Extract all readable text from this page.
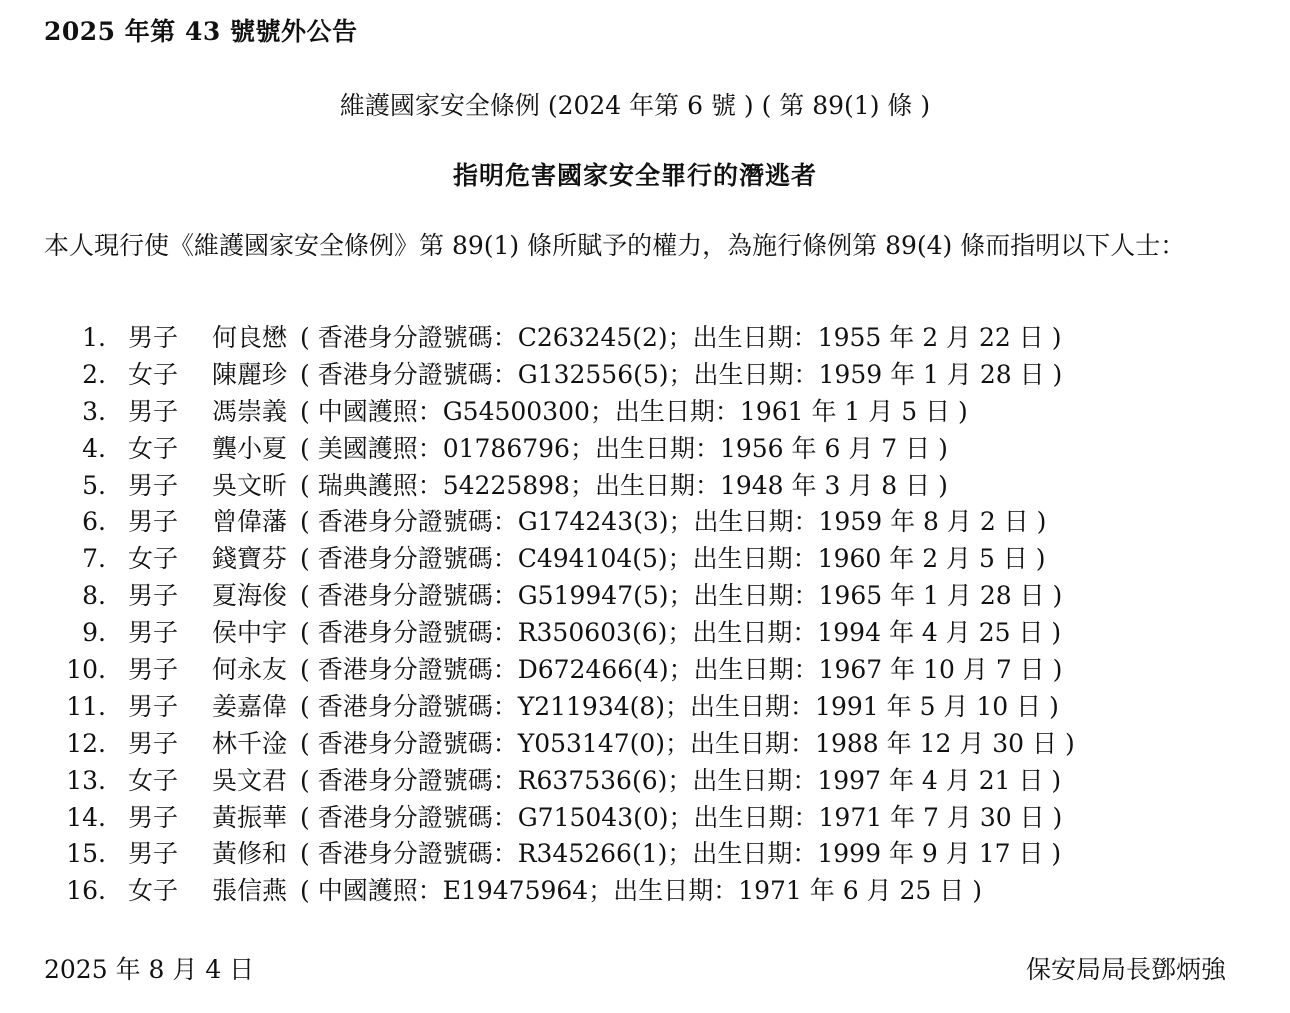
2025 年第 43 號號外公告
維護國家安全條例 (2024 年第 6 號 ) ( 第 89(1) 條 )
指明危害國家安全罪行的潛逃者
本人現行使《維護國家安全條例》第 89(1) 條所賦予的權力，為施行條例第 89(4) 條而指明以下人士：
1. 男子 何良懋 ( 香港身分證號碼：C263245(2)；出生日期：1955 年 2 月 22 日 )
2. 女子 陳麗珍 ( 香港身分證號碼：G132556(5)；出生日期：1959 年 1 月 28 日 )
3. 男子 馮崇義 ( 中國護照：G54500300；出生日期：1961 年 1 月 5 日 )
4. 女子 龔小夏 ( 美國護照：01786796；出生日期：1956 年 6 月 7 日 )
5. 男子 吳文昕 ( 瑞典護照：54225898；出生日期：1948 年 3 月 8 日 )
6. 男子 曾偉藩 ( 香港身分證號碼：G174243(3)；出生日期：1959 年 8 月 2 日 )
7. 女子 錢寶芬 ( 香港身分證號碼：C494104(5)；出生日期：1960 年 2 月 5 日 )
8. 男子 夏海俊 ( 香港身分證號碼：G519947(5)；出生日期：1965 年 1 月 28 日 )
9. 男子 侯中宇 ( 香港身分證號碼：R350603(6)；出生日期：1994 年 4 月 25 日 )
10. 男子 何永友 ( 香港身分證號碼：D672466(4)；出生日期：1967 年 10 月 7 日 )
11. 男子 姜嘉偉 ( 香港身分證號碼：Y211934(8)；出生日期：1991 年 5 月 10 日 )
12. 男子 林千淦 ( 香港身分證號碼：Y053147(0)；出生日期：1988 年 12 月 30 日 )
13. 女子 吳文君 ( 香港身分證號碼：R637536(6)；出生日期：1997 年 4 月 21 日 )
14. 男子 黃振華 ( 香港身分證號碼：G715043(0)；出生日期：1971 年 7 月 30 日 )
15. 男子 黃修和 ( 香港身分證號碼：R345266(1)；出生日期：1999 年 9 月 17 日 )
16. 女子 張信燕 ( 中國護照：E19475964；出生日期：1971 年 6 月 25 日 )
2025 年 8 月 4 日	保安局局長鄧炳強
